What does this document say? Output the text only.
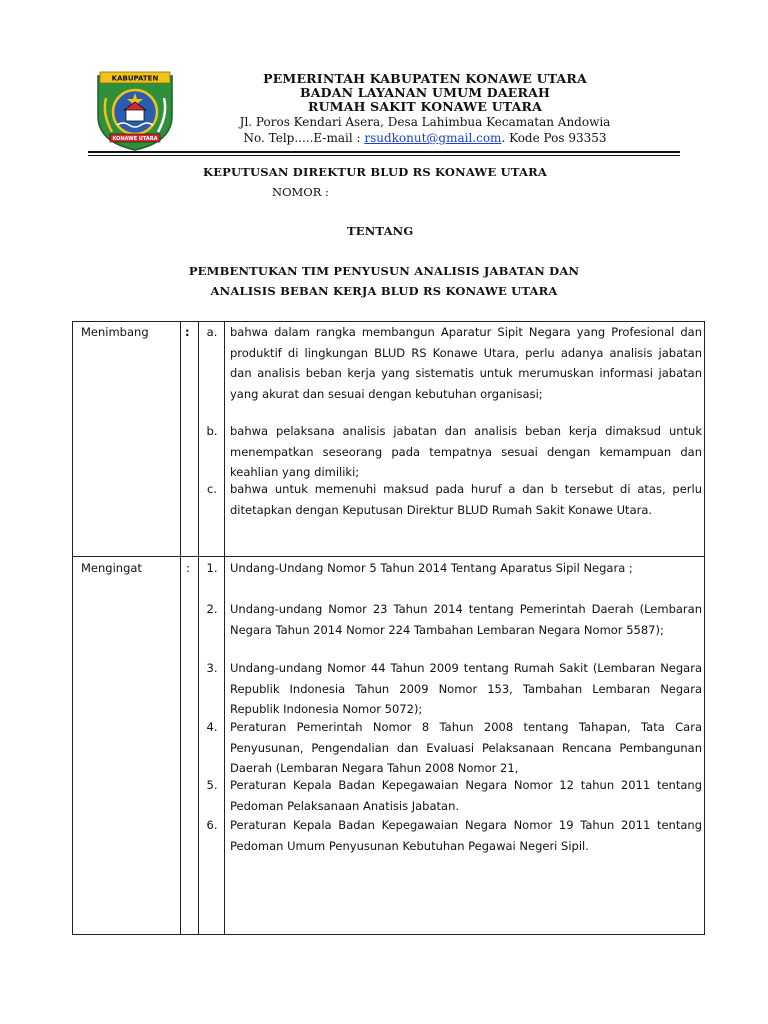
KABUPATEN
KONAWE UTARA
PEMERINTAH KABUPATEN KONAWE UTARA
BADAN LAYANAN UMUM DAERAH
RUMAH SAKIT KONAWE UTARA
Jl. Poros Kendari Asera, Desa Lahimbua Kecamatan Andowia
No. Telp.....E-mail : rsudkonut@gmail.com. Kode Pos 93353
KEPUTUSAN DIREKTUR BLUD RS KONAWE UTARA
NOMOR :
TENTANG
PEMBENTUKAN TIM PENYUSUN ANALISIS JABATAN DAN
ANALISIS BEBAN KERJA BLUD RS KONAWE UTARA
Menimbang	:	a.	bahwa dalam rangka membangun Aparatur Sipit Negara yang Profesional dan produktif di lingkungan BLUD RS Konawe Utara, perlu adanya analisis jabatan dan analisis beban kerja yang sistematis untuk merumuskan informasi jabatan yang akurat dan sesuai dengan kebutuhan organisasi;
b.	bahwa pelaksana analisis jabatan dan analisis beban kerja dimaksud untuk menempatkan seseorang pada tempatnya sesuai dengan kemampuan dan keahlian yang dimiliki;
c.	bahwa untuk memenuhi maksud pada huruf a dan b tersebut di atas, perlu ditetapkan dengan Keputusan Direktur BLUD Rumah Sakit Konawe Utara.
Mengingat	:	1.	Undang-Undang Nomor 5 Tahun 2014 Tentang Aparatus Sipil Negara ;
2.	Undang-undang Nomor 23 Tahun 2014 tentang Pemerintah Daerah (Lembaran Negara Tahun 2014 Nomor 224 Tambahan Lembaran Negara Nomor 5587);
3.	Undang-undang Nomor 44 Tahun 2009 tentang Rumah Sakit (Lembaran Negara Republik Indonesia Tahun 2009 Nomor 153, Tambahan Lembaran Negara Republik Indonesia Nomor 5072);
4.	Peraturan Pemerintah Nomor 8 Tahun 2008 tentang Tahapan, Tata Cara Penyusunan, Pengendalian dan Evaluasi Pelaksanaan Rencana Pembangunan Daerah (Lembaran Negara Tahun 2008 Nomor 21,
5.	Peraturan Kepala Badan Kepegawaian Negara Nomor 12 tahun 2011 tentang Pedoman Pelaksanaan Anatisis Jabatan.
6.	Peraturan Kepala Badan Kepegawaian Negara Nomor 19 Tahun 2011 tentang Pedoman Umum Penyusunan Kebutuhan Pegawai Negeri Sipil.
